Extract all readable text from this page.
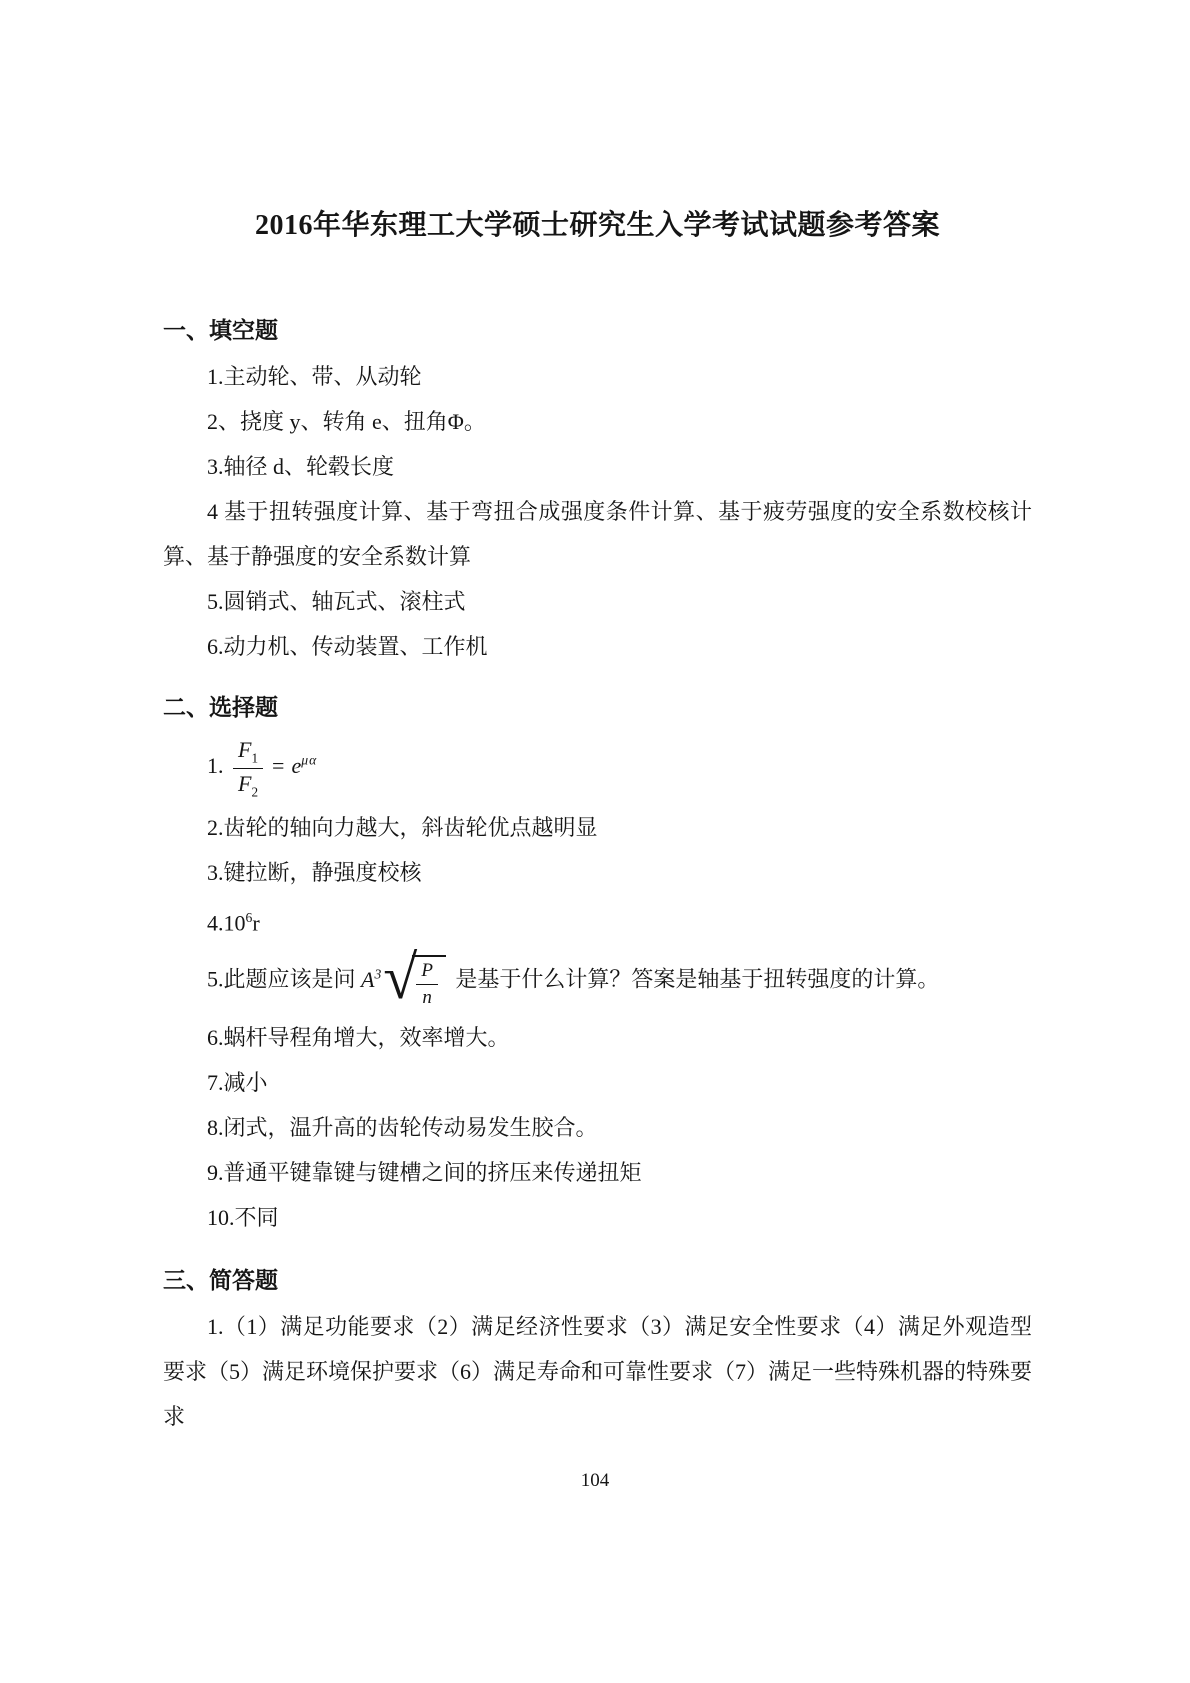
2016年华东理工大学硕士研究生入学考试试题参考答案

一、填空题

1.主动轮、带、从动轮

2、挠度 y、转角 e、扭角Φ。

3.轴径 d、轮毂长度

4 基于扭转强度计算、基于弯扭合成强度条件计算、基于疲劳强度的安全系数校核计算、基于静强度的安全系数计算

5.圆销式、轴瓦式、滚柱式

6.动力机、传动装置、工作机

二、选择题

1. $\frac{F_1}{F_2} = e^{\mu\alpha}$

2.齿轮的轴向力越大，斜齿轮优点越明显

3.键拉断，静强度校核

4.10$^6$r

5.此题应该是问 $A^3$ √ $\frac{P}{n}$ 是基于什么计算？答案是轴基于扭转强度的计算。

6.蜗杆导程角增大，效率增大。

7.减小

8.闭式，温升高的齿轮传动易发生胶合。

9.普通平键靠键与键槽之间的挤压来传递扭矩

10.不同

三、简答题

1.（1）满足功能要求（2）满足经济性要求（3）满足安全性要求（4）满足外观造型要求（5）满足环境保护要求（6）满足寿命和可靠性要求（7）满足一些特殊机器的特殊要求

104
